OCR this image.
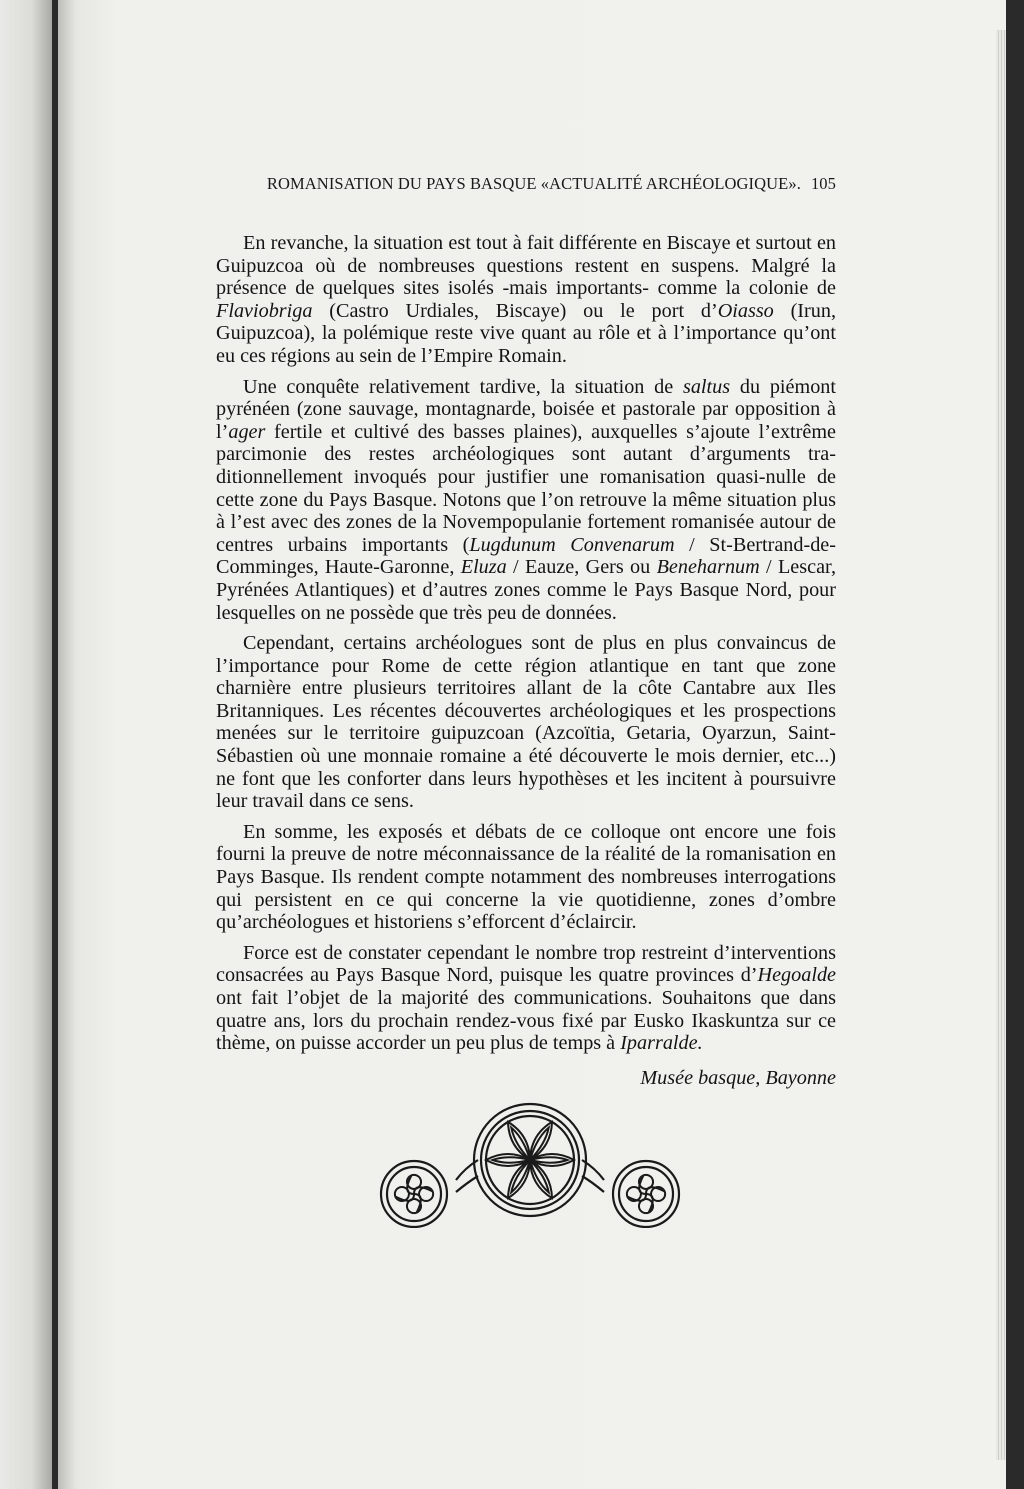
ROMANISATION DU PAYS BASQUE «ACTUALITÉ ARCHÉOLOGIQUE». 105

En revanche, la situation est tout à fait différente en Biscaye et surtout en Guipuzcoa où de nombreuses questions restent en suspens. Malgré la présence de quelques sites isolés -mais importants- comme la colonie de Flaviobriga (Castro Urdiales, Biscaye) ou le port d’Oiasso (Irun, Guipuzcoa), la polémique reste vive quant au rôle et à l’importance qu’ont eu ces régions au sein de l’Empire Romain.

Une conquête relativement tardive, la situation de saltus du piémont pyrénéen (zone sauvage, montagnarde, boisée et pastorale par opposition à l’ager fertile et cultivé des basses plaines), auxquelles s’ajoute l’extrême parcimonie des restes archéologiques sont autant d’arguments traditionnellement invoqués pour justifier une romanisation quasi-nulle de cette zone du Pays Basque. Notons que l’on retrouve la même situation plus à l’est avec des zones de la Novempopulanie fortement romanisée autour de centres urbains importants (Lugdunum Convenarum / St-Bertrand-de-Comminges, Haute-Garonne, Eluza / Eauze, Gers ou Beneharnum / Lescar, Pyrénées Atlantiques) et d’autres zones comme le Pays Basque Nord, pour lesquelles on ne possède que très peu de données.

Cependant, certains archéologues sont de plus en plus convaincus de l’importance pour Rome de cette région atlantique en tant que zone charnière entre plusieurs territoires allant de la côte Cantabre aux Iles Britanniques. Les récentes découvertes archéologiques et les prospections menées sur le territoire guipuzcoan (Azcoïtia, Getaria, Oyarzun, Saint-Sébastien où une monnaie romaine a été découverte le mois dernier, etc...) ne font que les conforter dans leurs hypothèses et les incitent à poursuivre leur travail dans ce sens.

En somme, les exposés et débats de ce colloque ont encore une fois fourni la preuve de notre méconnaissance de la réalité de la romanisation en Pays Basque. Ils rendent compte notamment des nombreuses interrogations qui persistent en ce qui concerne la vie quotidienne, zones d’ombre qu’archéologues et historiens s’efforcent d’éclaircir.

Force est de constater cependant le nombre trop restreint d’interventions consacrées au Pays Basque Nord, puisque les quatre provinces d’Hegoalde ont fait l’objet de la majorité des communications. Souhaitons que dans quatre ans, lors du prochain rendez-vous fixé par Eusko Ikaskuntza sur ce thème, on puisse accorder un peu plus de temps à Iparralde.

Musée basque, Bayonne
